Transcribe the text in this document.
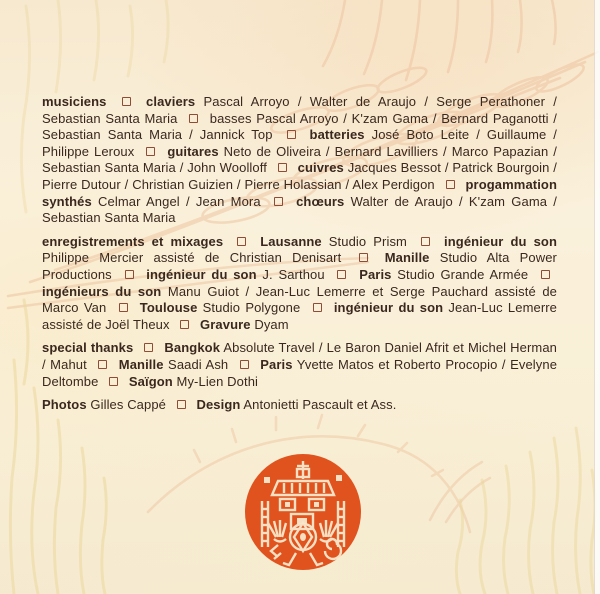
musiciens	claviers Pascal Arroyo / Walter de Araujo / Serge Perathoner / Sebastian Santa Maria basses Pascal Arroyo / K'zam Gama / Bernard Paganotti / Sebastian Santa Maria / Jannick Top	batteries José Boto Leite / Guillaume / Philippe Leroux	guitares Neto de Oliveira / Bernard Lavilliers / Marco Papazian / Sebastian Santa Maria / John Woolloff cuivres Jacques Bessot / Patrick Bourgoin / Pierre Dutour / Christian Guizien / Pierre Holassian / Alex Perdigon progammation synthés Celmar Angel / Jean Mora	chœurs Walter de Araujo / K'zam Gama / Sebastian Santa Maria

enregistrements et mixages	Lausanne Studio Prism	ingénieur du son Philippe Mercier assisté de Christian Denisart	Manille Studio Alta Power Productions	ingénieur du son J. Sarthou	Paris Studio Grande Armée  ingénieurs du son Manu Guiot / Jean-Luc Lemerre et Serge Pauchard assisté de Marco Van	Toulouse Studio Polygone	ingénieur du son Jean-Luc Lemerre assisté de Joël Theux Gravure Dyam

special thanks Bangkok Absolute Travel / Le Baron Daniel Afrit et Michel Herman / Mahut Manille Saadi Ash Paris Yvette Matos et Roberto Procopio / Evelyne Deltombe Saïgon My-Lien Dothi

Photos Gilles Cappé Design Antonietti Pascault et Ass.
